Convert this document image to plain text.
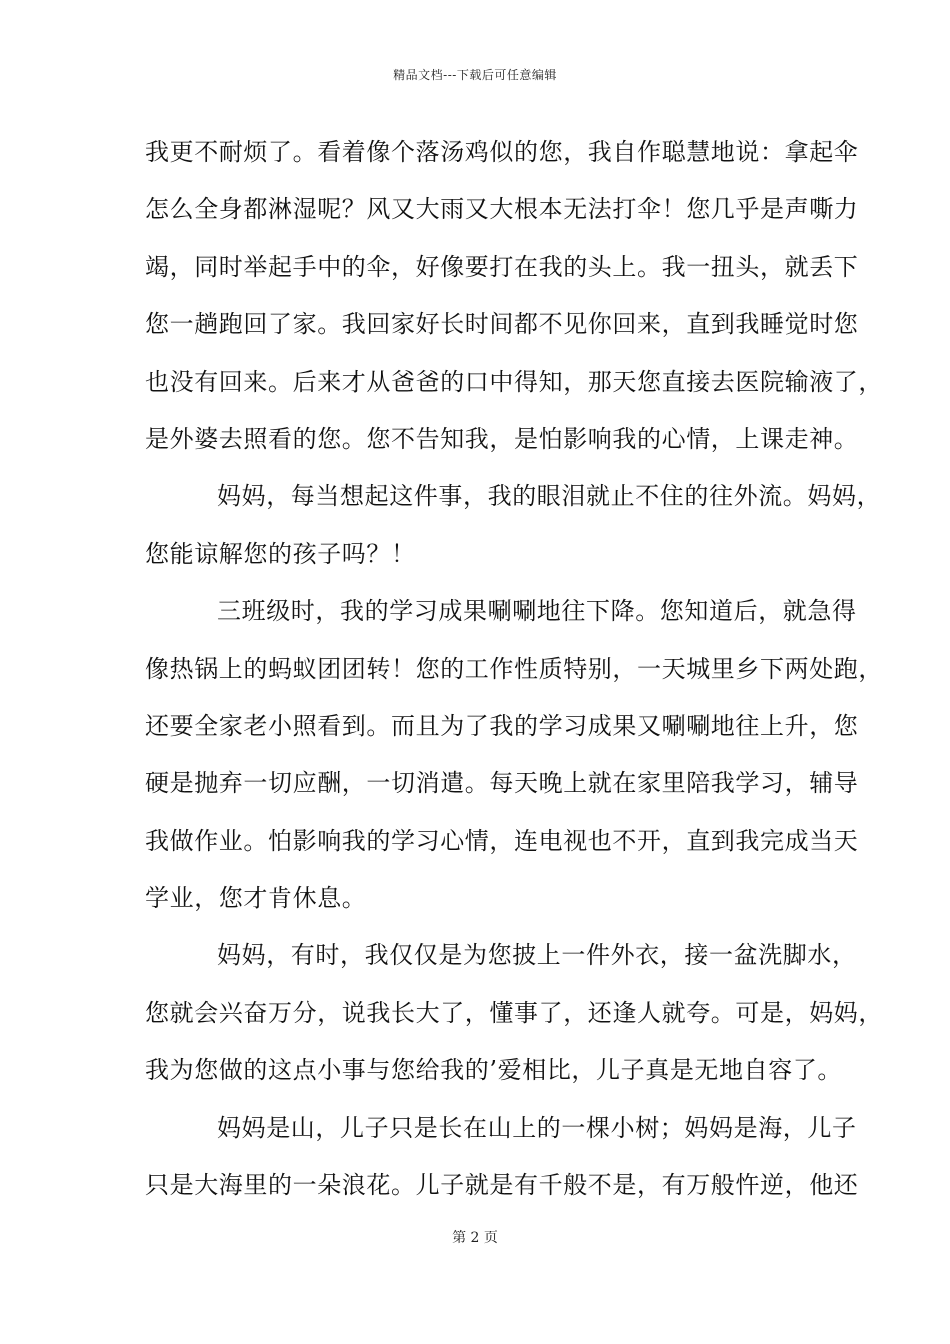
精品文档---下载后可任意编辑
我更不耐烦了。看着像个落汤鸡似的您，我自作聪慧地说：拿起伞
怎么全身都淋湿呢？风又大雨又大根本无法打伞！您几乎是声嘶力
竭，同时举起手中的伞，好像要打在我的头上。我一扭头，就丢下
您一趟跑回了家。我回家好长时间都不见你回来，直到我睡觉时您
也没有回来。后来才从爸爸的口中得知，那天您直接去医院输液了，
是外婆去照看的您。您不告知我，是怕影响我的心情，上课走神。
妈妈，每当想起这件事，我的眼泪就止不住的往外流。妈妈，
您能谅解您的孩子吗？！
三班级时，我的学习成果唰唰地往下降。您知道后，就急得
像热锅上的蚂蚁团团转！您的工作性质特别，一天城里乡下两处跑，
还要全家老小照看到。而且为了我的学习成果又唰唰地往上升，您
硬是抛弃一切应酬，一切消遣。每天晚上就在家里陪我学习，辅导
我做作业。怕影响我的学习心情，连电视也不开，直到我完成当天
学业，您才肯休息。
妈妈，有时，我仅仅是为您披上一件外衣，接一盆洗脚水，
您就会兴奋万分，说我长大了，懂事了，还逢人就夸。可是，妈妈，
我为您做的这点小事与您给我的’爱相比，儿子真是无地自容了。
妈妈是山，儿子只是长在山上的一棵小树；妈妈是海，儿子
只是大海里的一朵浪花。儿子就是有千般不是，有万般忤逆，他还
第 2 页
